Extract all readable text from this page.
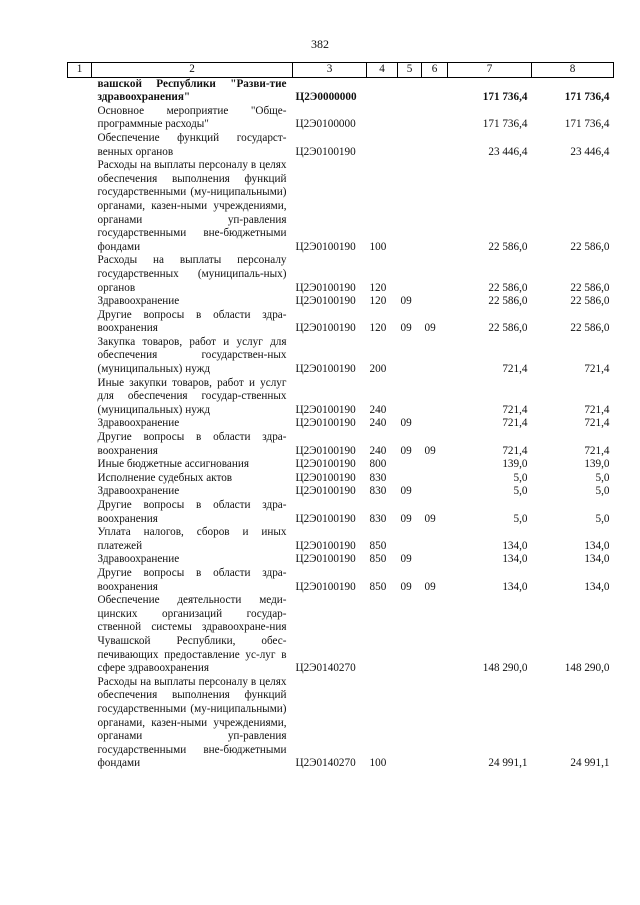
382
1	2	3	4	5	6	7	8
вашской Республики "Разви-тие здравоохранения"		Ц2Э0000000				171 736,4	171 736,4
Основное мероприятие "Обще-программные расходы"		Ц2Э0100000				171 736,4	171 736,4
Обеспечение функций государст-венных органов		Ц2Э0100190				23 446,4	23 446,4
Расходы на выплаты персоналу в целях обеспечения выполнения функций государственными (му-ниципальными) органами, казен-ными учреждениями, органами уп-равления государственными вне-бюджетными фондами		Ц2Э0100190	100			22 586,0	22 586,0
Расходы на выплаты персоналу государственных (муниципаль-ных) органов		Ц2Э0100190	120			22 586,0	22 586,0
Здравоохранение		Ц2Э0100190	120	09		22 586,0	22 586,0
Другие вопросы в области здра-воохранения		Ц2Э0100190	120	09	09	22 586,0	22 586,0
Закупка товаров, работ и услуг для обеспечения государствен-ных (муниципальных) нужд		Ц2Э0100190	200			721,4	721,4
Иные закупки товаров, работ и услуг для обеспечения государ-ственных (муниципальных) нужд		Ц2Э0100190	240			721,4	721,4
Здравоохранение		Ц2Э0100190	240	09		721,4	721,4
Другие вопросы в области здра-воохранения		Ц2Э0100190	240	09	09	721,4	721,4
Иные бюджетные ассигнования		Ц2Э0100190	800			139,0	139,0
Исполнение судебных актов		Ц2Э0100190	830			5,0	5,0
Здравоохранение		Ц2Э0100190	830	09		5,0	5,0
Другие вопросы в области здра-воохранения		Ц2Э0100190	830	09	09	5,0	5,0
Уплата налогов, сборов и иных платежей		Ц2Э0100190	850			134,0	134,0
Здравоохранение		Ц2Э0100190	850	09		134,0	134,0
Другие вопросы в области здра-воохранения		Ц2Э0100190	850	09	09	134,0	134,0
Обеспечение деятельности меди-цинских организаций государ-ственной системы здравоохране-ния Чувашской Республики, обес-печивающих предоставление ус-луг в сфере здравоохранения		Ц2Э0140270				148 290,0	148 290,0
Расходы на выплаты персоналу в целях обеспечения выполнения функций государственными (му-ниципальными) органами, казен-ными учреждениями, органами уп-равления государственными вне-бюджетными фондами		Ц2Э0140270	100			24 991,1	24 991,1
